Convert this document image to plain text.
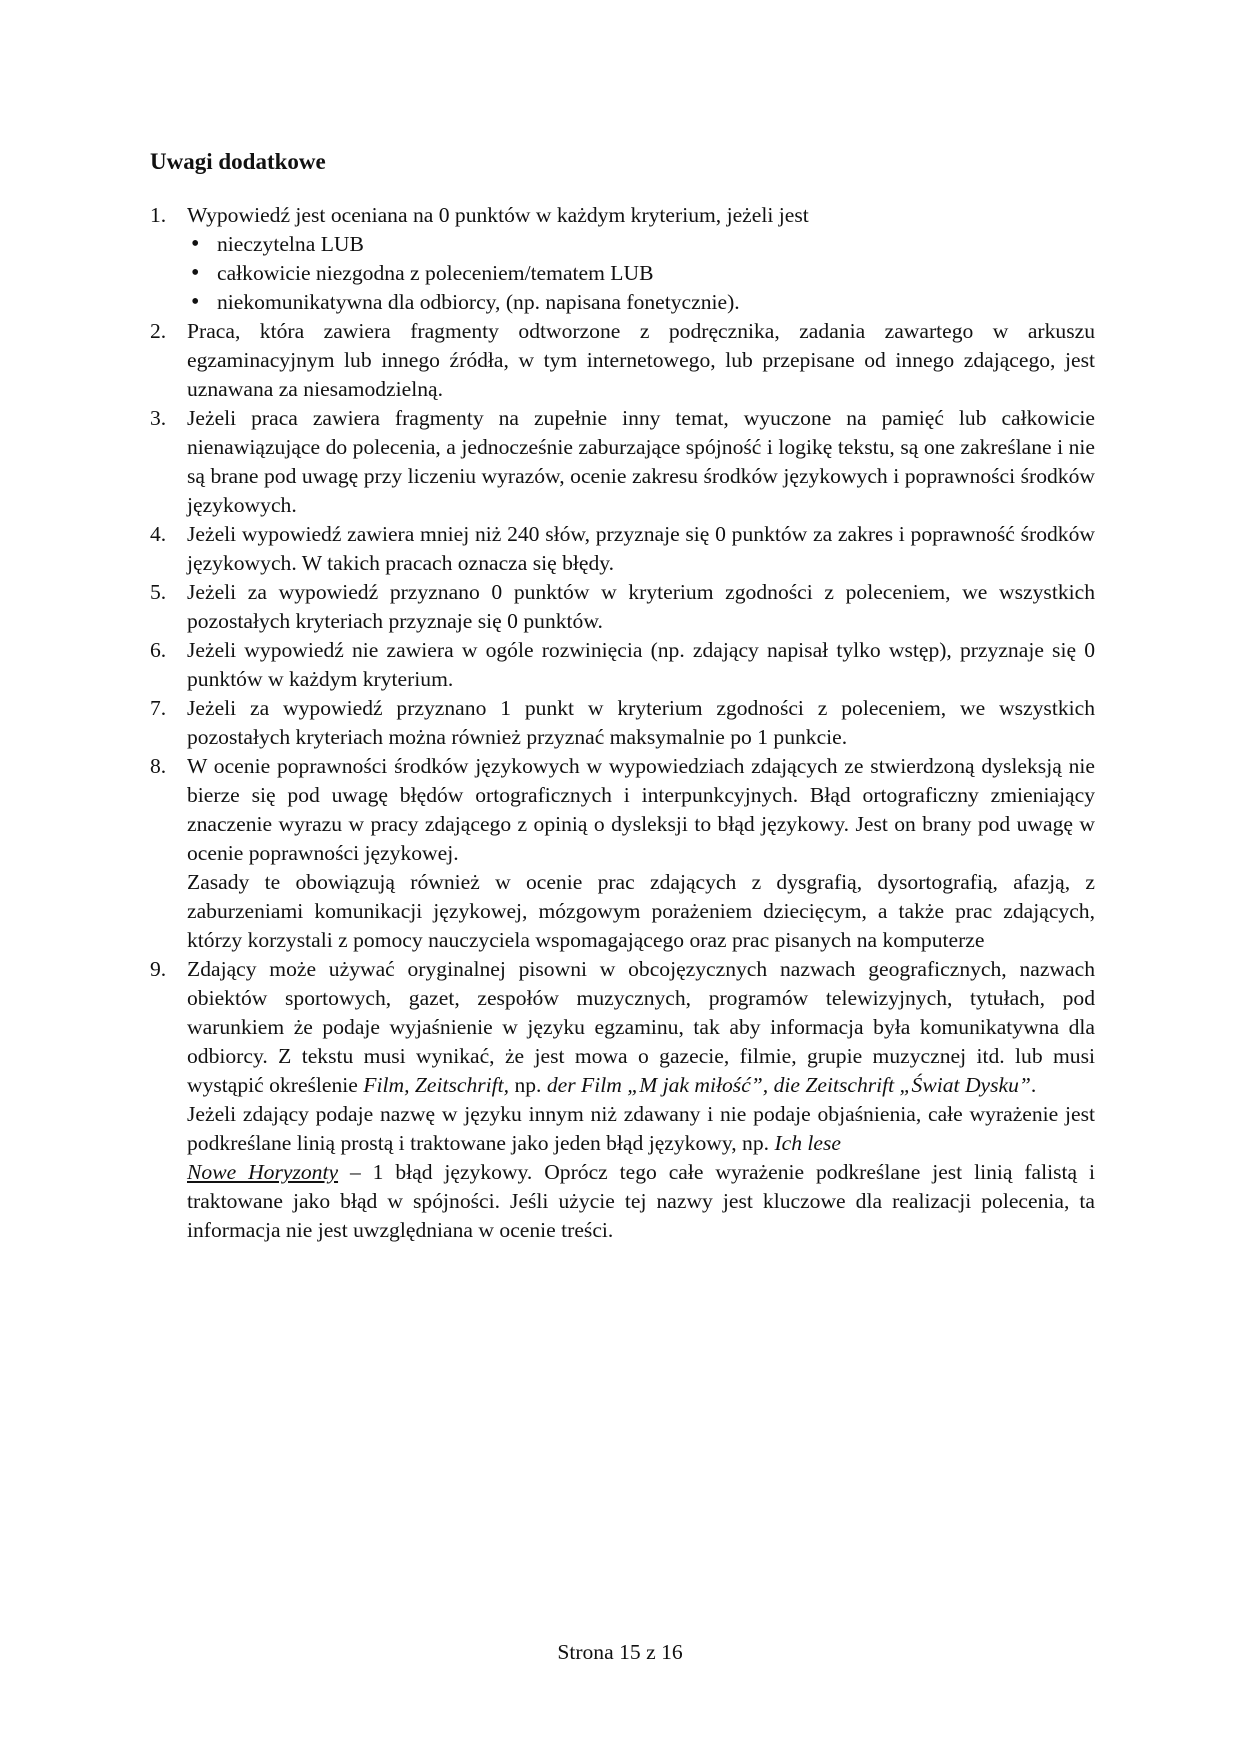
Uwagi dodatkowe
1. Wypowiedź jest oceniana na 0 punktów w każdym kryterium, jeżeli jest
• nieczytelna LUB
• całkowicie niezgodna z poleceniem/tematem LUB
• niekomunikatywna dla odbiorcy, (np. napisana fonetycznie).
2. Praca, która zawiera fragmenty odtworzone z podręcznika, zadania zawartego w arkuszu egzaminacyjnym lub innego źródła, w tym internetowego, lub przepisane od innego zdającego, jest uznawana za niesamodzielną.
3. Jeżeli praca zawiera fragmenty na zupełnie inny temat, wyuczone na pamięć lub całkowicie nienawiązujące do polecenia, a jednocześnie zaburzające spójność i logikę tekstu, są one zakreślane i nie są brane pod uwagę przy liczeniu wyrazów, ocenie zakresu środków językowych i poprawności środków językowych.
4. Jeżeli wypowiedź zawiera mniej niż 240 słów, przyznaje się 0 punktów za zakres i poprawność środków językowych. W takich pracach oznacza się błędy.
5. Jeżeli za wypowiedź przyznano 0 punktów w kryterium zgodności z poleceniem, we wszystkich pozostałych kryteriach przyznaje się 0 punktów.
6. Jeżeli wypowiedź nie zawiera w ogóle rozwinięcia (np. zdający napisał tylko wstęp), przyznaje się 0 punktów w każdym kryterium.
7. Jeżeli za wypowiedź przyznano 1 punkt w kryterium zgodności z poleceniem, we wszystkich pozostałych kryteriach można również przyznać maksymalnie po 1 punkcie.
8. W ocenie poprawności środków językowych w wypowiedziach zdających ze stwierdzoną dysleksją nie bierze się pod uwagę błędów ortograficznych i interpunkcyjnych. Błąd ortograficzny zmieniający znaczenie wyrazu w pracy zdającego z opinią o dysleksji to błąd językowy. Jest on brany pod uwagę w ocenie poprawności językowej.
Zasady te obowiązują również w ocenie prac zdających z dysgrafią, dysortografią, afazją, z zaburzeniami komunikacji językowej, mózgowym porażeniem dziecięcym, a także prac zdających, którzy korzystali z pomocy nauczyciela wspomagającego oraz prac pisanych na komputerze
9. Zdający może używać oryginalnej pisowni w obcojęzycznych nazwach geograficznych, nazwach obiektów sportowych, gazet, zespołów muzycznych, programów telewizyjnych, tytułach, pod warunkiem że podaje wyjaśnienie w języku egzaminu, tak aby informacja była komunikatywna dla odbiorcy. Z tekstu musi wynikać, że jest mowa o gazecie, filmie, grupie muzycznej itd. lub musi wystąpić określenie Film, Zeitschrift, np. der Film „M jak miłość”, die Zeitschrift „Świat Dysku”.
Jeżeli zdający podaje nazwę w języku innym niż zdawany i nie podaje objaśnienia, całe wyrażenie jest podkreślane linią prostą i traktowane jako jeden błąd językowy, np. Ich lese
Nowe Horyzonty – 1 błąd językowy. Oprócz tego całe wyrażenie podkreślane jest linią falistą i traktowane jako błąd w spójności. Jeśli użycie tej nazwy jest kluczowe dla realizacji polecenia, ta informacja nie jest uwzględniana w ocenie treści.
Strona 15 z 16
